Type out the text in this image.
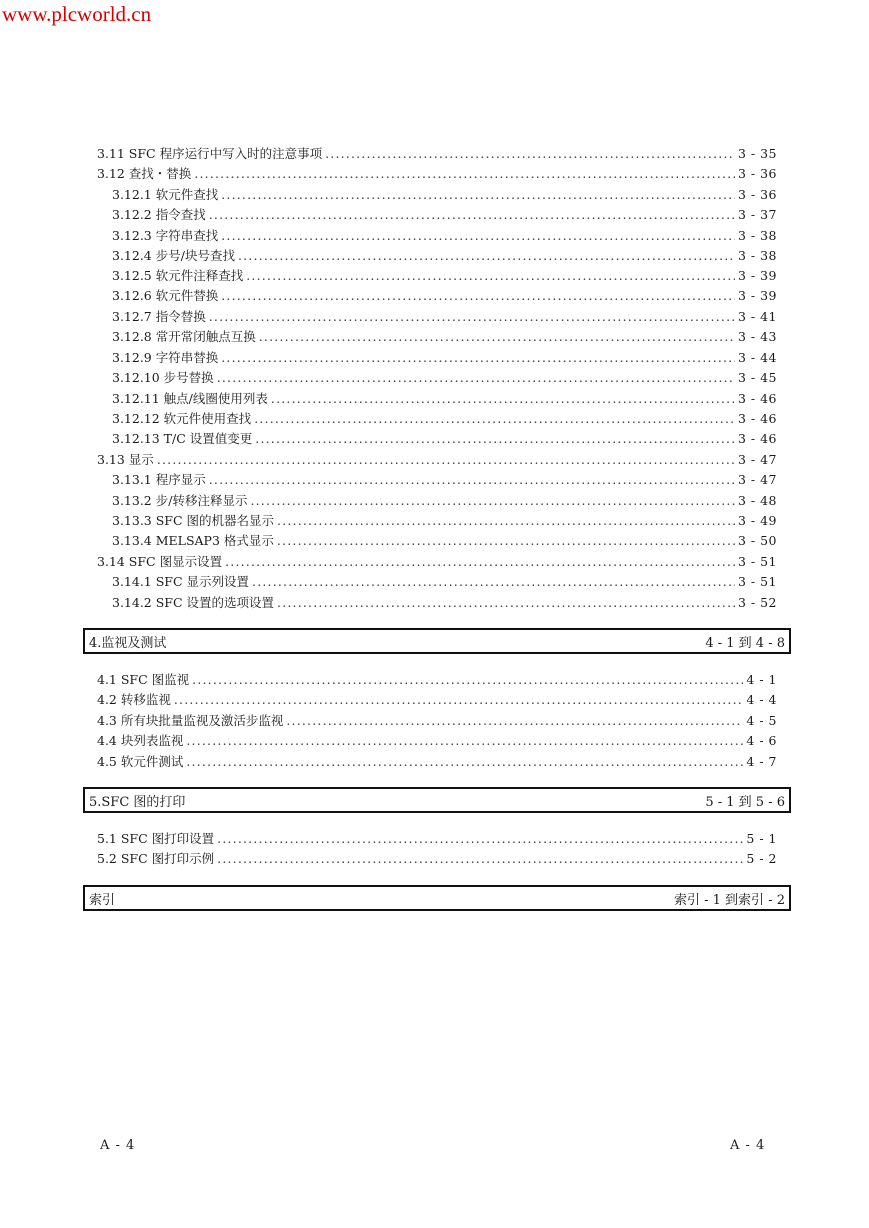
www.plcworld.cn
3.11 SFC 程序运行中写入时的注意事项 .....	3 - 35
3.12 查找・替换 .....	3 - 36
3.12.1 软元件查找 .....	3 - 36
3.12.2 指令查找 .....	3 - 37
3.12.3 字符串查找 .....	3 - 38
3.12.4 步号/块号查找 .....	3 - 38
3.12.5 软元件注释查找 .....	3 - 39
3.12.6 软元件替换 .....	3 - 39
3.12.7 指令替换 .....	3 - 41
3.12.8 常开常闭触点互换 .....	3 - 43
3.12.9 字符串替换 .....	3 - 44
3.12.10 步号替换 .....	3 - 45
3.12.11 触点/线圈使用列表 .....	3 - 46
3.12.12 软元件使用查找 .....	3 - 46
3.12.13 T/C 设置值变更 .....	3 - 46
3.13 显示 .....	3 - 47
3.13.1 程序显示 .....	3 - 47
3.13.2 步/转移注释显示 .....	3 - 48
3.13.3 SFC 图的机器名显示 .....	3 - 49
3.13.4 MELSAP3 格式显示 .....	3 - 50
3.14 SFC 图显示设置 .....	3 - 51
3.14.1 SFC 显示列设置 .....	3 - 51
3.14.2 SFC 设置的选项设置 .....	3 - 52
4.监视及测试	4 - 1 到 4 - 8
4.1 SFC 图监视 .....	4 - 1
4.2 转移监视 .....	4 - 4
4.3 所有块批量监视及激活步监视 .....	4 - 5
4.4 块列表监视 .....	4 - 6
4.5 软元件测试 .....	4 - 7
5.SFC 图的打印	5 - 1 到 5 - 6
5.1 SFC 图打印设置 .....	5 - 1
5.2 SFC 图打印示例 .....	5 - 2
索引	索引 - 1 到索引 - 2
A - 4	A - 4
